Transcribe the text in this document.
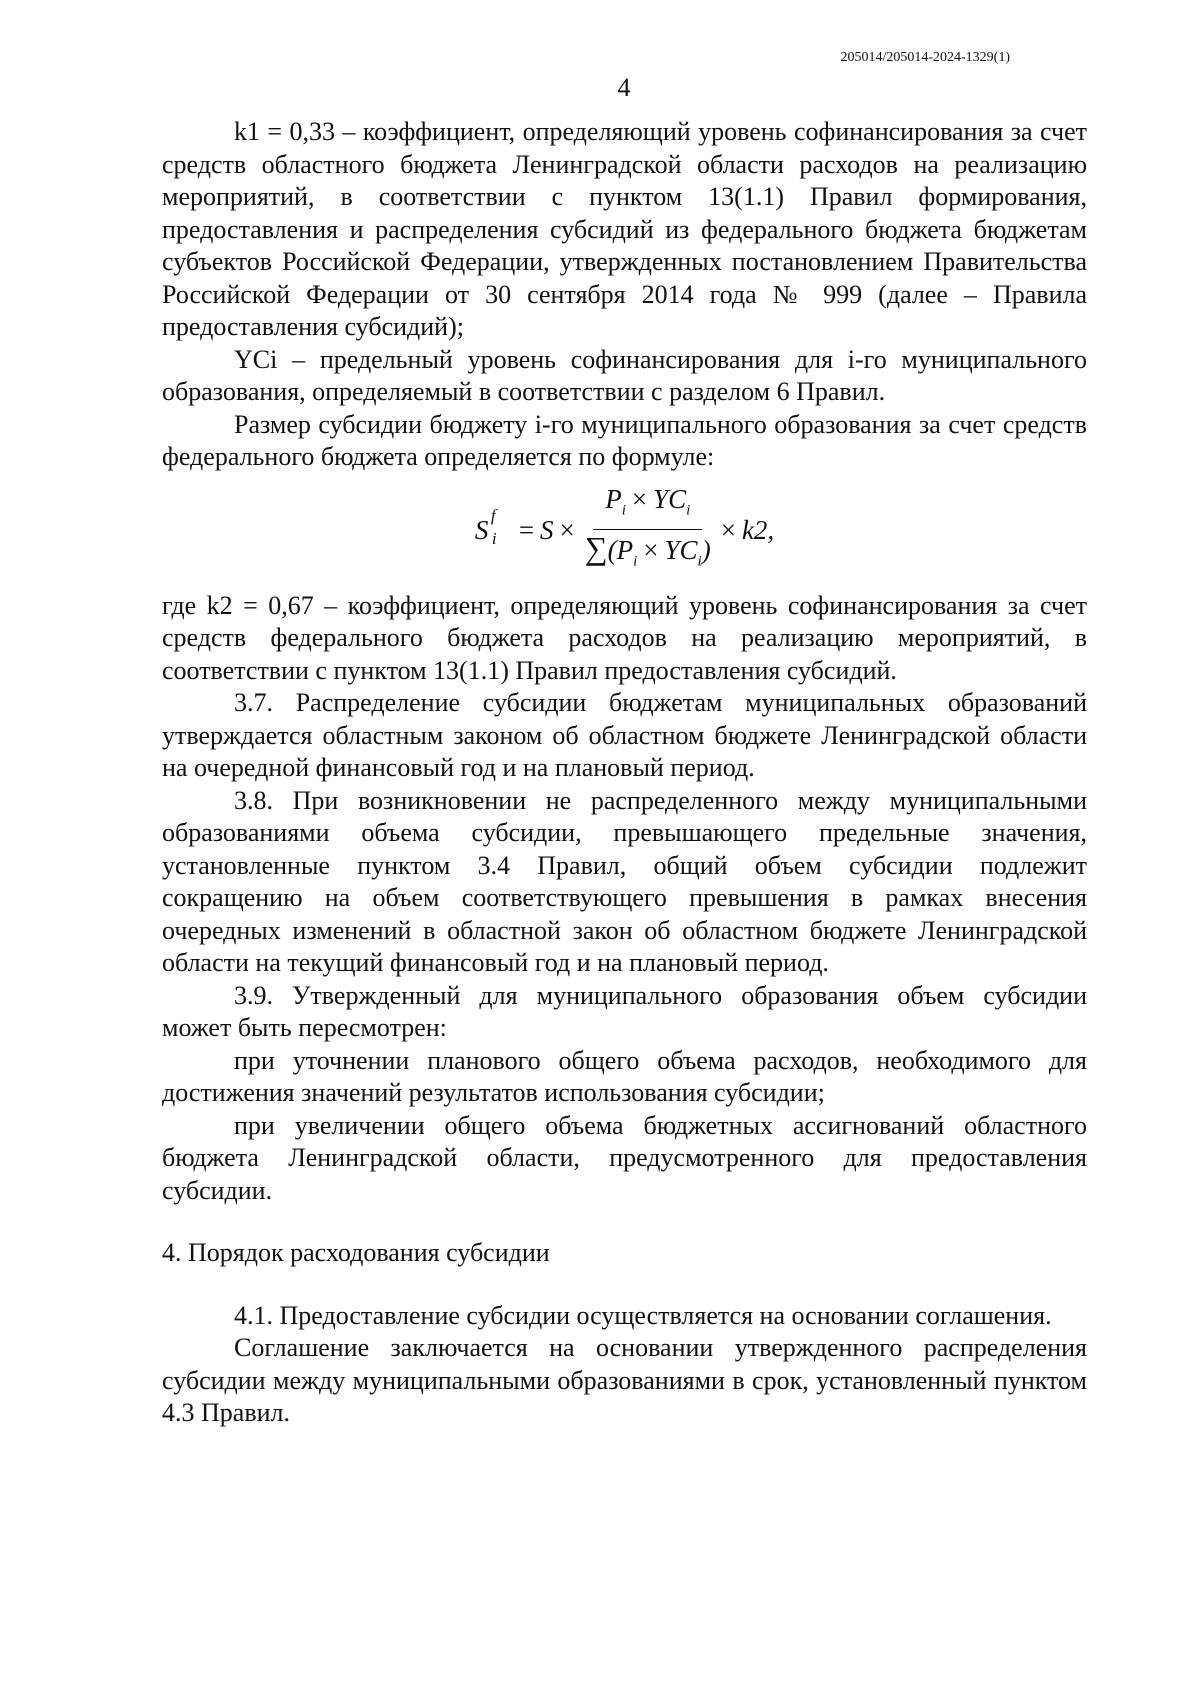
205014/205014-2024-1329(1)
4

k1 = 0,33 – коэффициент, определяющий уровень софинансирования за счет средств областного бюджета Ленинградской области расходов на реализацию мероприятий, в соответствии с пунктом 13(1.1) Правил формирования, предоставления и распределения субсидий из федерального бюджета бюджетам субъектов Российской Федерации, утвержденных постановлением Правительства Российской Федерации от 30 сентября 2014 года № 999 (далее – Правила предоставления субсидий);

YCi – предельный уровень софинансирования для i-го муниципального образования, определяемый в соответствии с разделом 6 Правил.

Размер субсидии бюджету i-го муниципального образования за счет средств федерального бюджета определяется по формуле:

S f
$i = S \times \frac{P_i \times YC_i}{\sum(P_i \times YC_i)} \times k2$,

где k2 = 0,67 – коэффициент, определяющий уровень софинансирования за счет средств федерального бюджета расходов на реализацию мероприятий, в соответствии с пунктом 13(1.1) Правил предоставления субсидий.

3.7. Распределение субсидии бюджетам муниципальных образований утверждается областным законом об областном бюджете Ленинградской области на очередной финансовый год и на плановый период.

3.8. При возникновении не распределенного между муниципальными образованиями объема субсидии, превышающего предельные значения, установленные пунктом 3.4 Правил, общий объем субсидии подлежит сокращению на объем соответствующего превышения в рамках внесения очередных изменений в областной закон об областном бюджете Ленинградской области на текущий финансовый год и на плановый период.

3.9. Утвержденный для муниципального образования объем субсидии может быть пересмотрен:

при уточнении планового общего объема расходов, необходимого для достижения значений результатов использования субсидии;

при увеличении общего объема бюджетных ассигнований областного бюджета Ленинградской области, предусмотренного для предоставления субсидии.

4. Порядок расходования субсидии

4.1. Предоставление субсидии осуществляется на основании соглашения.

Соглашение заключается на основании утвержденного распределения субсидии между муниципальными образованиями в срок, установленный пунктом 4.3 Правил.
